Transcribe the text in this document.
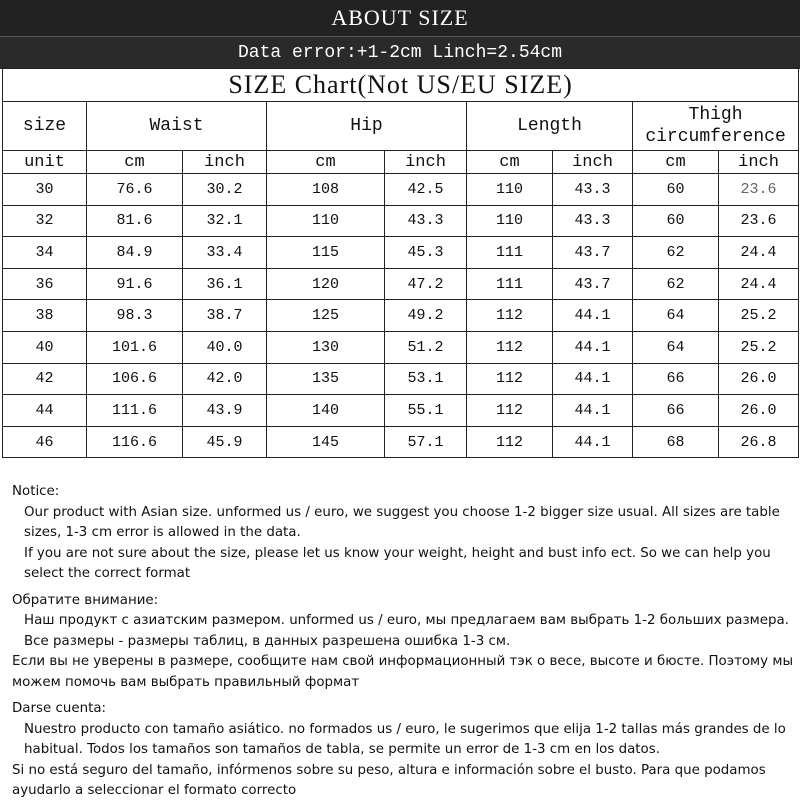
ABOUT SIZE
Data error:+1-2cm Linch=2.54cm
SIZE Chart(Not US/EU SIZE)								
size	Waist		Hip		Length		Thigh circumference	
unit	cm	inch	cm	inch	cm	inch	cm	inch
30	76.6	30.2	108	42.5	110	43.3	60	23.6
32	81.6	32.1	110	43.3	110	43.3	60	23.6
34	84.9	33.4	115	45.3	111	43.7	62	24.4
36	91.6	36.1	120	47.2	111	43.7	62	24.4
38	98.3	38.7	125	49.2	112	44.1	64	25.2
40	101.6	40.0	130	51.2	112	44.1	64	25.2
42	106.6	42.0	135	53.1	112	44.1	66	26.0
44	111.6	43.9	140	55.1	112	44.1	66	26.0
46	116.6	45.9	145	57.1	112	44.1	68	26.8

Notice:

Our product with Asian size. unformed us / euro, we suggest you choose 1-2 bigger size usual. All sizes are table sizes, 1-3 cm error is allowed in the data.

If you are not sure about the size, please let us know your weight, height and bust info ect. So we can help you select the correct format

Обратите внимание:

Наш продукт с азиатским размером. unformed us / euro, мы предлагаем вам выбрать 1-2 больших размера. Все размеры - размеры таблиц, в данных разрешена ошибка 1-3 см.

Если вы не уверены в размере, сообщите нам свой информационный тэк о весе, высоте и бюсте. Поэтому мы можем помочь вам выбрать правильный формат

Darse cuenta:

Nuestro producto con tamaño asiático. no formados us / euro, le sugerimos que elija 1-2 tallas más grandes de lo habitual. Todos los tamaños son tamaños de tabla, se permite un error de 1-3 cm en los datos.

Si no está seguro del tamaño, infórmenos sobre su peso, altura e información sobre el busto. Para que podamos ayudarlo a seleccionar el formato correcto
